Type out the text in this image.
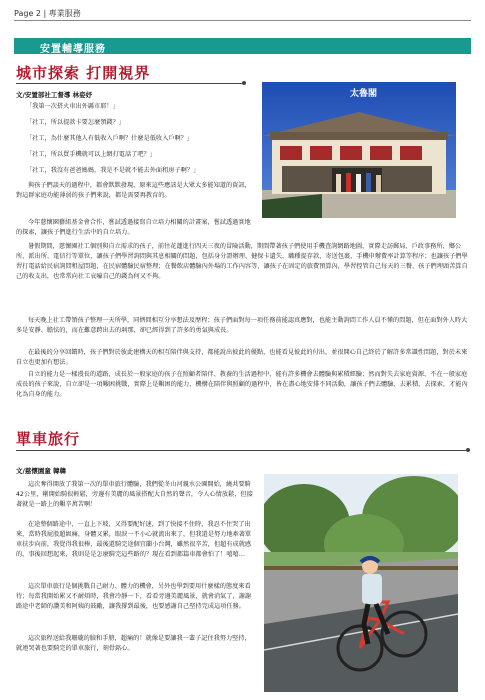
Page 2 | 專業服務
安置輔導服務
城市探索 打開視界
文/安置部社工督導 林姿妤
「我第一次搭火車出外縣市耶！」
「社工，所以提款卡要怎麼領錢？」
「社工，為什麼其他人有低收入戶啊？什麼是低收入戶啊？」
「社工，所以買手機就可以上網打電話了吧？」
「社工，我沒有爸爸媽媽，我是不是就不能去外面租房子啊？」
與孩子們談天的過程中，都會默默發現，原來這些應該是大眾大多能知道的資訊，對這群家庭功能薄弱的孩子們來說，都是需要再教育的。
今年慈懷園藝組基金會合作，嘗試透過接寫自立培力相關的計畫案，嘗試透過實地的探索，讓孩子們進行生活中的自立培力。
太魯閣
暑假期間，慈懷園社工個別與自立需求的孩子，前往花蓮進行四天三夜的冒險活動，期間帶著孩子們使用手機查詢網路地圖，實際走訪郵局、戶政事務所、鄉公所、派出所、電信行等單位，讓孩子們學習詢問與其息相關的問題，包括身分證辦理、健保卡遺失、職種提存款、寄送包裹、手機申辦費率計算等程序；也讓孩子們學習打電話給民宿詢問租屋問題，在民宿體驗民宿整理；在餐飲店體驗內外場的工作內容等，讓孩子在固定的旅費預算內，學習控管自己每天的三餐，孩子們埋頭苦算自己的收支出，也常常向社工哀嚎自己的錢為何又不夠。
每天晚上社工帶領孩子整理一天所學，同儕間相互分享想法及歷程；孩子們面對每一項任務前能認真應對，也能主動詢問工作人員不懂的問題，但在面對外人時大多是安靜、膽怯的，而在難意跨出去的剎那，卻已經得到了許多的勇氣與成長。
在最後的分享回饋時，孩子們對於彼此建構天的相互陪伴與支持，都能說出彼此的優點，也能看見彼此的付出，並很開心自己終於了解許多常識性問題，對於未來自立也更加有想法。
自立的能力是一樣漫長的道路，成長於一般家庭的孩子在照顧者陪伴、教養的生活過程中，能有許多機會去體驗與累積經驗；然而對失去家庭資源、不在一般家庭成長的孩子來說，自立卻是一項艱困挑戰，實際上是艱困的能力，機構在陪伴與照顧的過程中，皆在盡心地安排不同活動，讓孩子們去體驗、去累積、去探索，才能內化為自身的能力。
單車旅行
文/慈懷園童 韓韓
這次奪得開放了我第一次的單車旅行體驗，我們從冬山河親水公園開始，繞共要騎42公里，剛開始騎很輕鬆，旁邊有美麗的風景搭配大自然的聲音，令人心情放鬆，但接著就是一路上的艱辛萬苦啊！
在途整個路途中，一直上下坡，又得要配好速，到了快接不住時，我忍不住哭了出來，當時我屁股超級痛，身體又累，眼淚一不小心就流出來了，但我還是努力地牽著單車扶步向前，我覺得我很棒，最後還騎完途個宜蘭小台灣，雖然很辛苦，但超有成就感的，事後回想起來，我則是是怎麼騎完這些路的？現在看到都篇車都會怕了！嘻嘻…
這次單車旅行是個挑戰自己耐力、體力的機會，另外也學到要用什麼樣的態度來看待；每當我開始累又不耐煩時，我會冷靜一下，看看旁邊美麗風景，就會消氣了，謝謝路途中老師的讚美和阿姨的鼓勵，讓我撐到最後，也要感謝自己堅持完成這項任務。
這次旅程送給我珊瓏的臉和手膀，超痛的！就像是要讓我一輩子記住我努力堅持，就連哭著也要騎完的單車旅行，刻骨銘心。
